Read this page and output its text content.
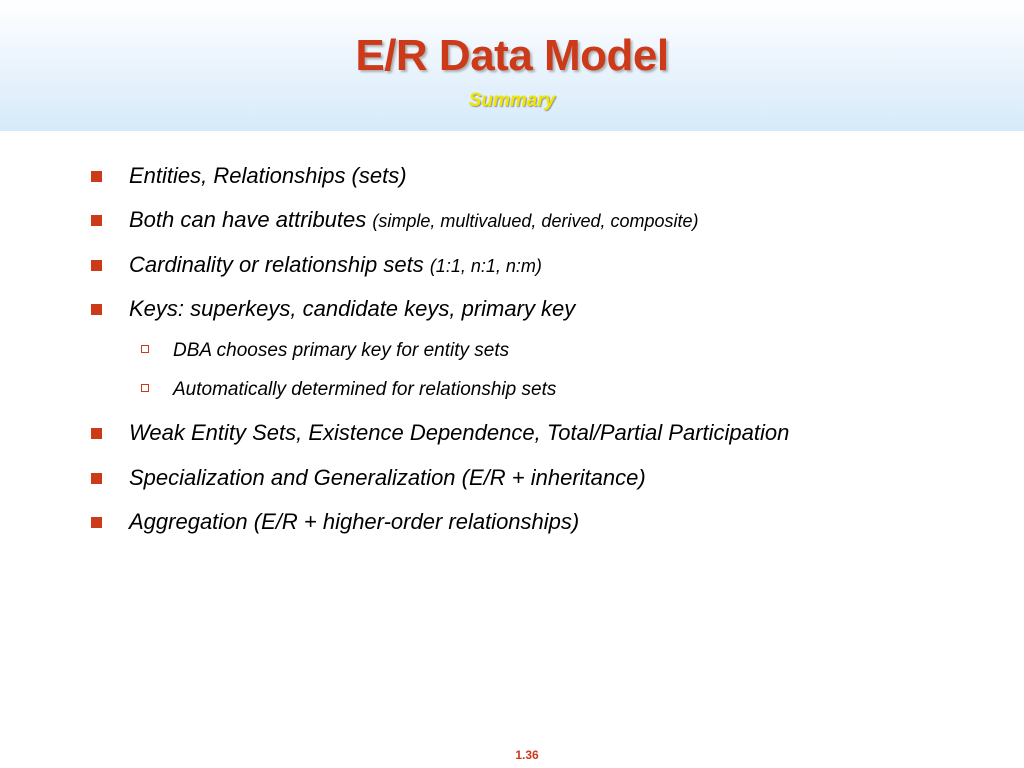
E/R Data Model
Summary
Entities, Relationships (sets)
Both can have attributes (simple, multivalued, derived, composite)
Cardinality or relationship sets (1:1, n:1, n:m)
Keys: superkeys, candidate keys, primary key
DBA chooses primary key for entity sets
Automatically determined for relationship sets
Weak Entity Sets, Existence Dependence, Total/Partial Participation
Specialization and Generalization (E/R + inheritance)
Aggregation (E/R + higher-order relationships)
1.36
